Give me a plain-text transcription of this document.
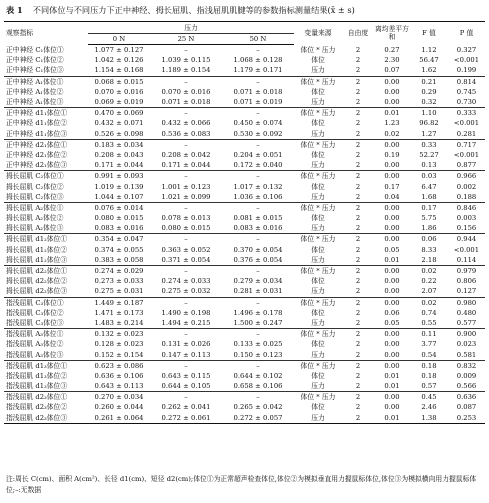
表 1 不同体位与不同压力下正中神经、拇长屈肌、指浅屈肌肌腱等的参数指标测量结果(x̄ ± s)
观察指标	压力			变量来源	自由度	离均差平方和	F 值	P 值
	0 N	25 N	50 N					
正中神经 C₁体位①	1.077 ± 0.127	–	–	体位 * 压力	2	0.27	1.12	0.327
正中神经 C₁体位②	1.042 ± 0.126	1.039 ± 0.115	1.068 ± 0.128	体位	2	2.30	56.47	<0.001
正中神经 C₁体位③	1.154 ± 0.168	1.189 ± 0.154	1.179 ± 0.171	压力	2	0.07	1.62	0.199
正中神经 A₁体位①	0.068 ± 0.015	–	–	体位 * 压力	2	0.00	0.21	0.814
正中神经 A₁体位②	0.070 ± 0.016	0.070 ± 0.016	0.071 ± 0.018	体位	2	0.00	0.29	0.745
正中神经 A₁体位③	0.069 ± 0.019	0.071 ± 0.018	0.071 ± 0.019	压力	2	0.00	0.32	0.730
正中神经 d1₁体位①	0.470 ± 0.069	–	–	体位 * 压力	2	0.01	1.10	0.333
正中神经 d1₁体位②	0.432 ± 0.071	0.432 ± 0.066	0.450 ± 0.074	体位	2	1.23	96.82	<0.001
正中神经 d1₁体位③	0.526 ± 0.098	0.536 ± 0.083	0.530 ± 0.092	压力	2	0.02	1.27	0.281
正中神经 d2₁体位①	0.183 ± 0.034	–	–	体位 * 压力	2	0.00	0.33	0.717
正中神经 d2₁体位②	0.208 ± 0.043	0.208 ± 0.042	0.204 ± 0.051	体位	2	0.19	52.27	<0.001
正中神经 d2₁体位③	0.171 ± 0.044	0.171 ± 0.044	0.172 ± 0.040	压力	2	0.00	0.13	0.877
拇长屈肌 C₂体位①	0.991 ± 0.093	–	–	体位 * 压力	2	0.00	0.03	0.966
拇长屈肌 C₂体位②	1.019 ± 0.139	1.001 ± 0.123	1.017 ± 0.132	体位	2	0.17	6.47	0.002
拇长屈肌 C₂体位③	1.044 ± 0.107	1.021 ± 0.099	1.036 ± 0.106	压力	2	0.04	1.68	0.188
拇长屈肌 A₂体位①	0.076 ± 0.014	–	–	体位 * 压力	2	0.00	0.17	0.846
拇长屈肌 A₂体位②	0.080 ± 0.015	0.078 ± 0.013	0.081 ± 0.015	体位	2	0.00	5.75	0.003
拇长屈肌 A₂体位③	0.083 ± 0.016	0.080 ± 0.015	0.083 ± 0.016	压力	2	0.00	1.86	0.156
拇长屈肌 d1₂体位①	0.354 ± 0.047	–	–	体位 * 压力	2	0.00	0.06	0.944
拇长屈肌 d1₂体位②	0.374 ± 0.055	0.363 ± 0.052	0.370 ± 0.054	体位	2	0.05	8.33	<0.001
拇长屈肌 d1₂体位③	0.383 ± 0.058	0.371 ± 0.054	0.376 ± 0.054	压力	2	0.01	2.18	0.114
拇长屈肌 d2₂体位①	0.274 ± 0.029	–	–	体位 * 压力	2	0.00	0.02	0.979
拇长屈肌 d2₂体位②	0.273 ± 0.033	0.274 ± 0.033	0.279 ± 0.034	体位	2	0.00	0.22	0.806
拇长屈肌 d2₂体位③	0.275 ± 0.031	0.275 ± 0.032	0.281 ± 0.031	压力	2	0.00	2.07	0.127
指浅屈肌 C₃体位①	1.449 ± 0.187	–	–	体位 * 压力	2	0.00	0.02	0.980
指浅屈肌 C₃体位②	1.471 ± 0.173	1.490 ± 0.198	1.496 ± 0.178	体位	2	0.06	0.74	0.480
指浅屈肌 C₃体位③	1.483 ± 0.214	1.494 ± 0.215	1.500 ± 0.247	压力	2	0.05	0.55	0.577
指浅屈肌 A₃体位①	0.132 ± 0.023	–	–	体位 * 压力	2	0.00	0.11	0.900
指浅屈肌 A₃体位②	0.128 ± 0.023	0.131 ± 0.026	0.133 ± 0.025	体位	2	0.00	3.77	0.023
指浅屈肌 A₃体位③	0.152 ± 0.154	0.147 ± 0.113	0.150 ± 0.123	压力	2	0.00	0.54	0.581
指浅屈肌 d1₃体位①	0.623 ± 0.086	–	–	体位 * 压力	2	0.00	0.18	0.832
指浅屈肌 d1₃体位②	0.636 ± 0.106	0.643 ± 0.115	0.644 ± 0.102	体位	2	0.01	0.18	0.009
指浅屈肌 d1₃体位③	0.643 ± 0.113	0.644 ± 0.105	0.658 ± 0.106	压力	2	0.01	0.57	0.566
指浅屈肌 d2₃体位①	0.270 ± 0.034	–	–	体位 * 压力	2	0.00	0.45	0.636
指浅屈肌 d2₃体位②	0.260 ± 0.044	0.262 ± 0.041	0.265 ± 0.042	体位	2	0.00	2.46	0.087
指浅屈肌 d2₃体位③	0.261 ± 0.064	0.272 ± 0.061	0.272 ± 0.057	压力	2	0.01	1.38	0.253
注:周长 C(cm)、面积 A(cm²)、长径 d1(cm)、短径 d2(cm);体位①为正常超声检查体位,体位②为模拟垂直用力握鼠标体位,体位③为模拟横向用力握鼠标体位;–:无数据
